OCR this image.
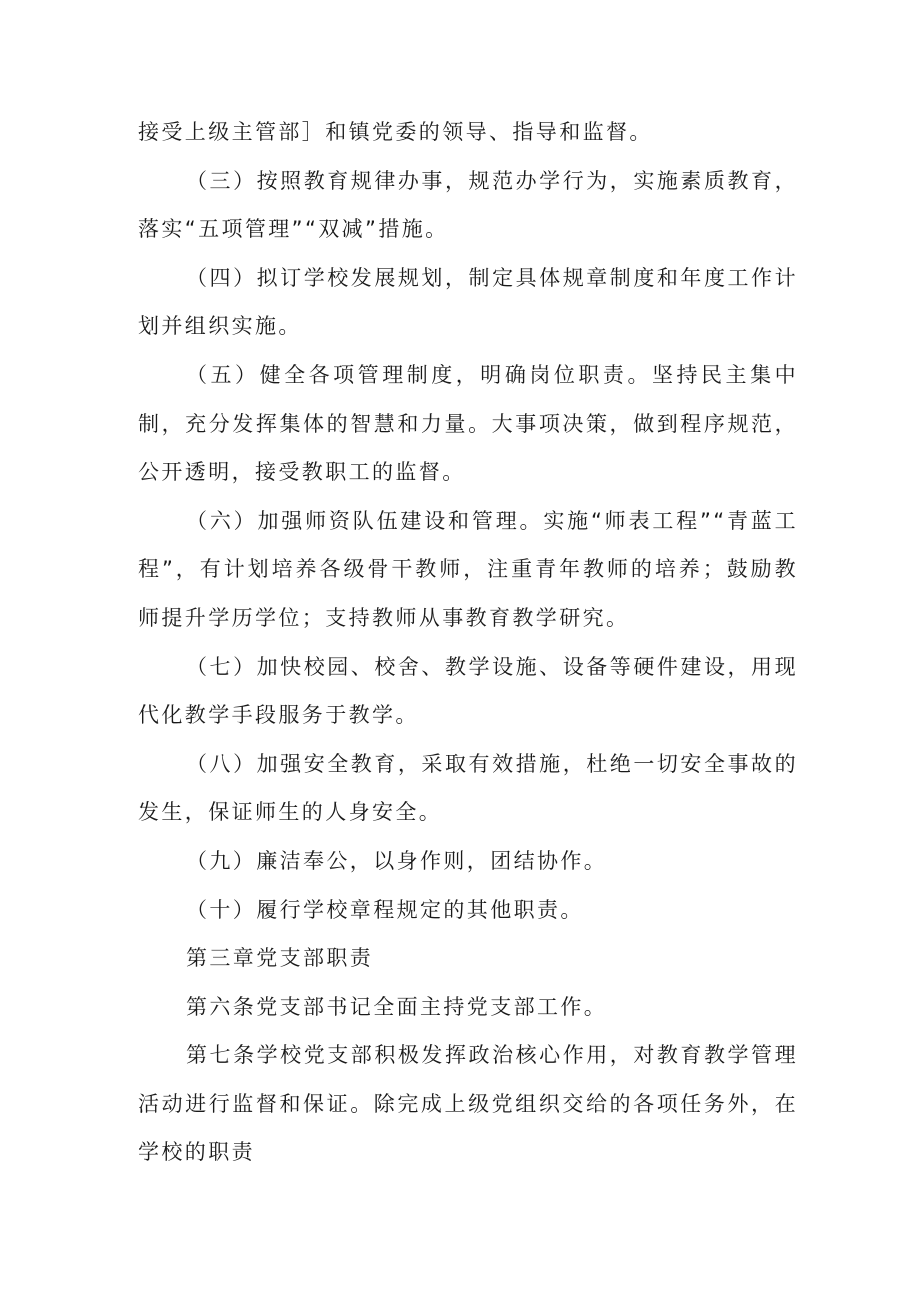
接受上级主管部］和镇党委的领导、指导和监督。

（三）按照教育规律办事，规范办学行为，实施素质教育，落实“五项管理”“双减”措施。

（四）拟订学校发展规划，制定具体规章制度和年度工作计划并组织实施。

（五）健全各项管理制度，明确岗位职责。坚持民主集中制，充分发挥集体的智慧和力量。大事项决策，做到程序规范，公开透明，接受教职工的监督。

（六）加强师资队伍建设和管理。实施“师表工程”“青蓝工程”，有计划培养各级骨干教师，注重青年教师的培养；鼓励教师提升学历学位；支持教师从事教育教学研究。

（七）加快校园、校舍、教学设施、设备等硬件建设，用现代化教学手段服务于教学。

（八）加强安全教育，采取有效措施，杜绝一切安全事故的发生，保证师生的人身安全。

（九）廉洁奉公，以身作则，团结协作。

（十）履行学校章程规定的其他职责。

第三章党支部职责

第六条党支部书记全面主持党支部工作。

第七条学校党支部积极发挥政治核心作用，对教育教学管理活动进行监督和保证。除完成上级党组织交给的各项任务外，在学校的职责
